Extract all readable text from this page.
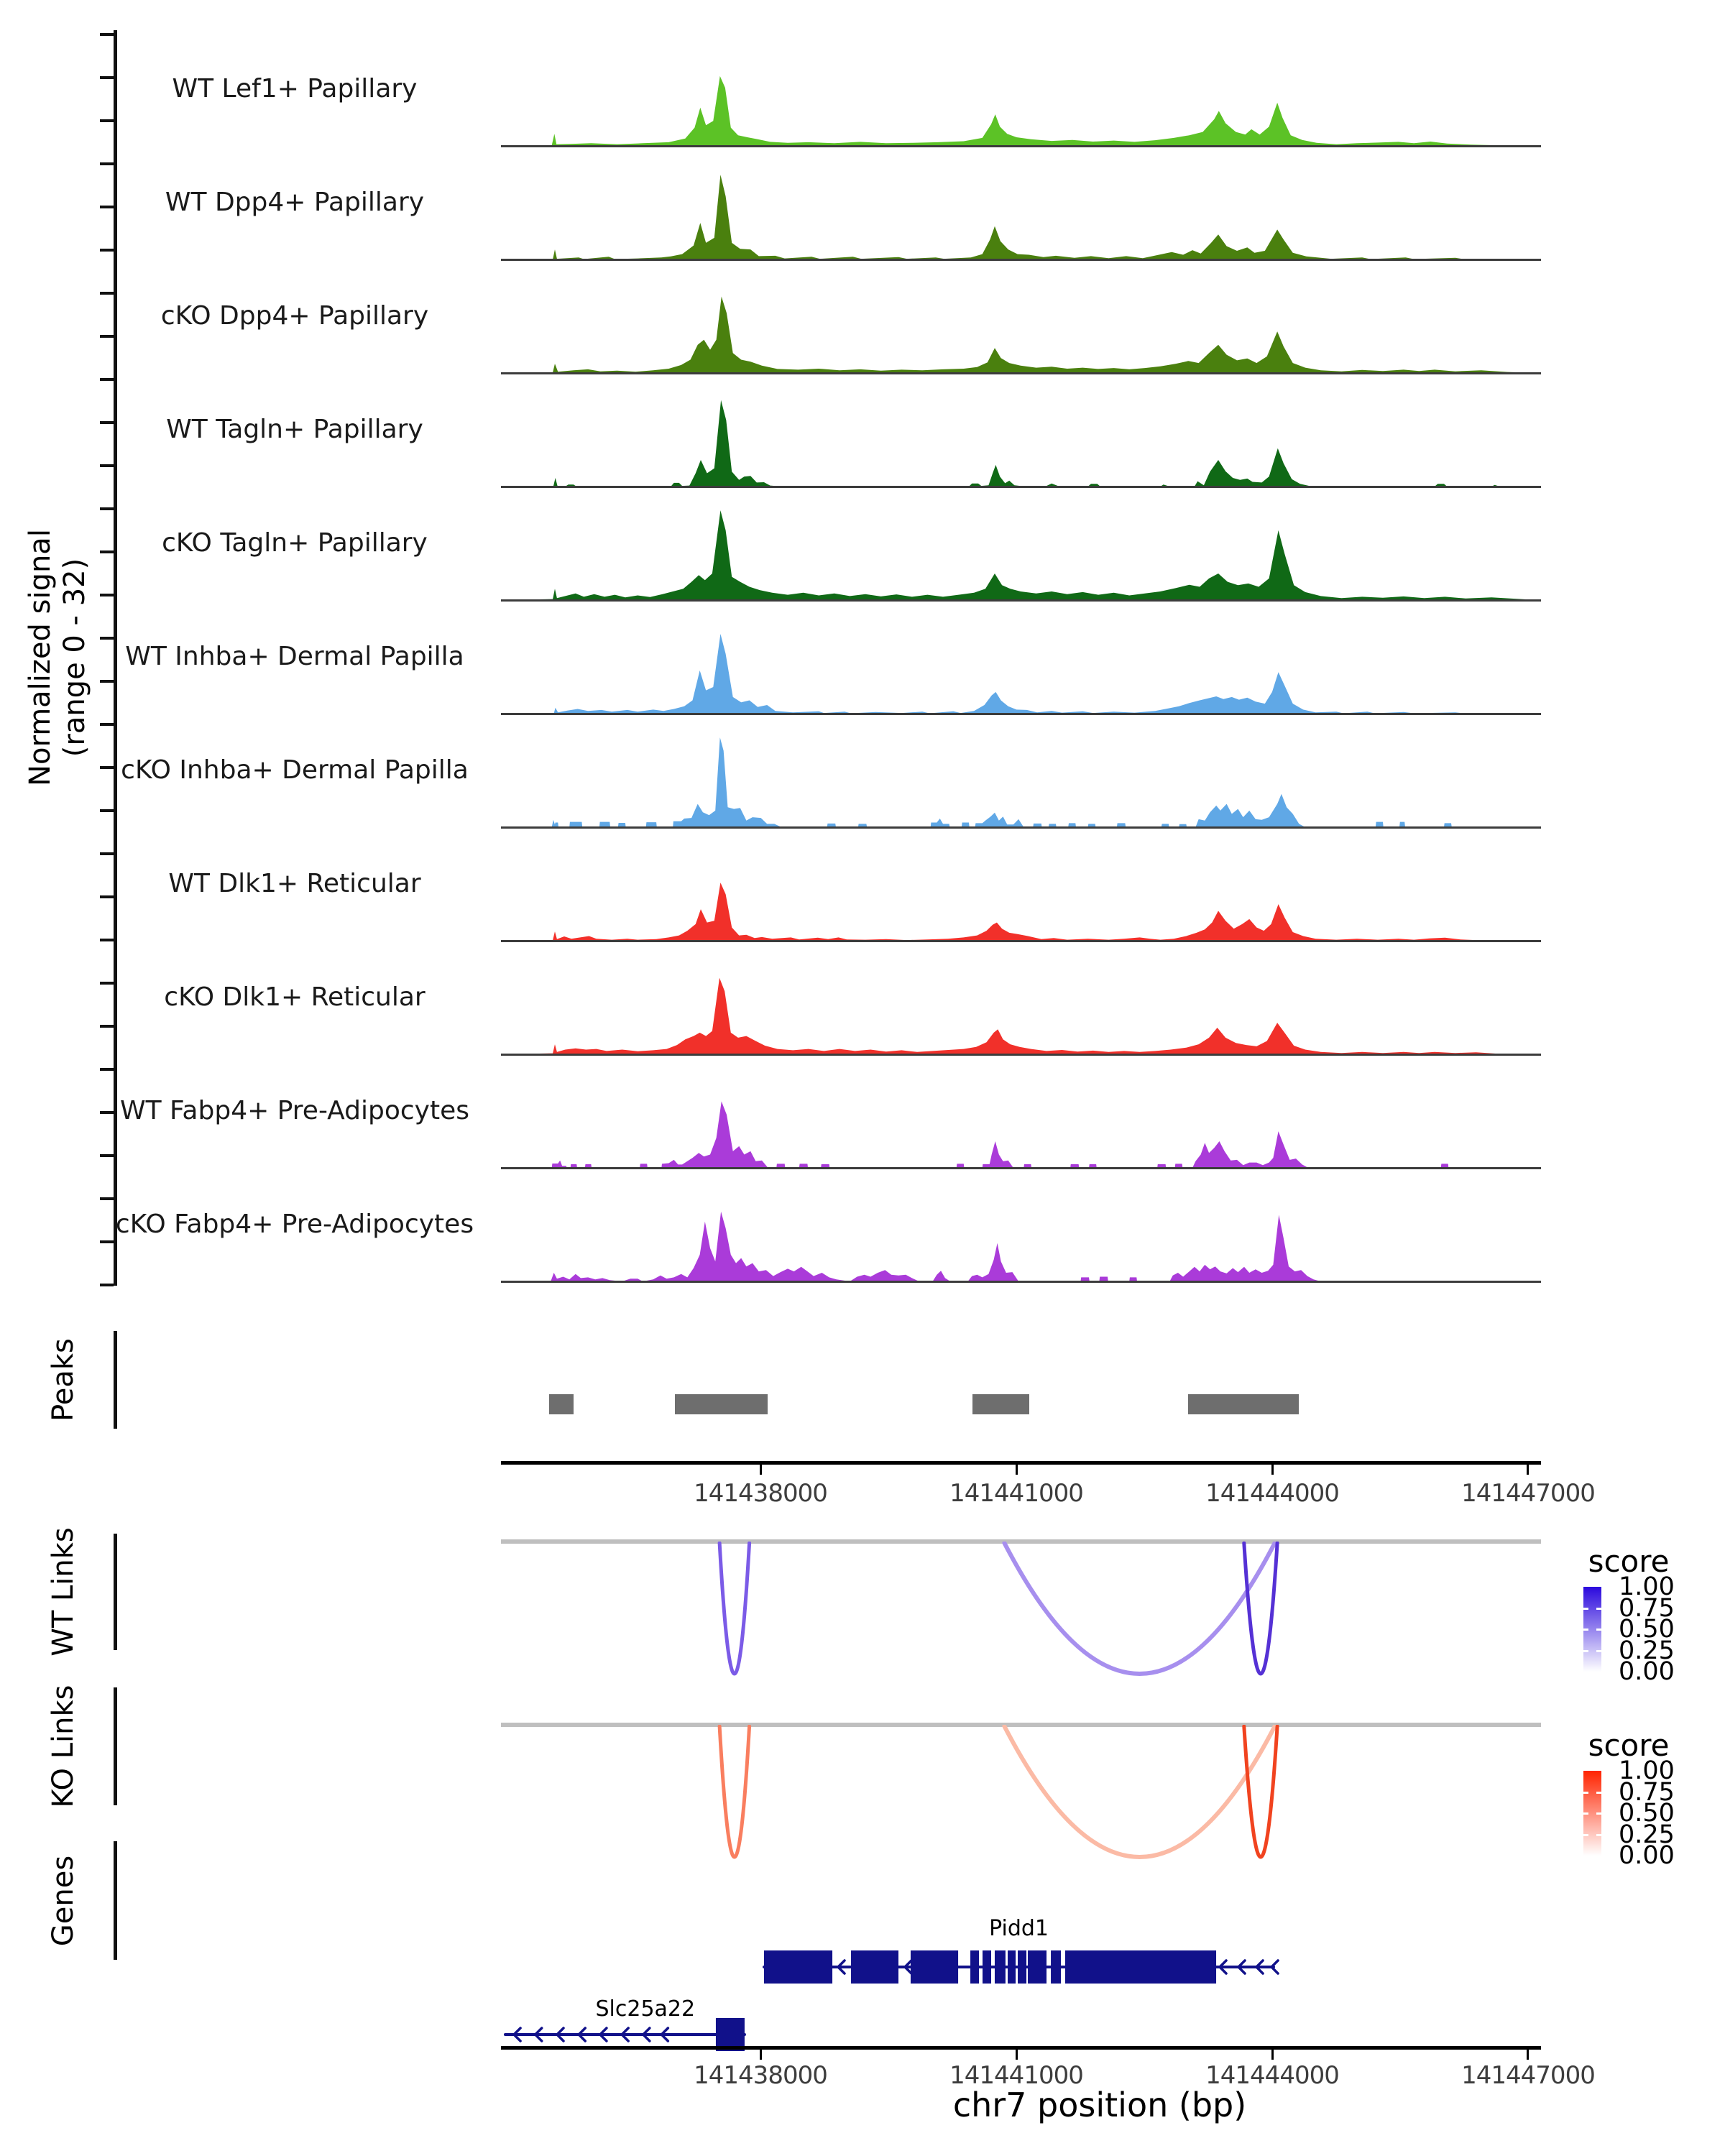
Normalized signal (range 0 - 32)
Peaks
WT Links
KO Links
Genes
WT Lef1+ Papillary
WT Dpp4+ Papillary
cKO Dpp4+ Papillary
WT Tagln+ Papillary
cKO Tagln+ Papillary
WT Inhba+ Dermal Papilla
cKO Inhba+ Dermal Papilla
WT Dlk1+ Reticular
cKO Dlk1+ Reticular
WT Fabp4+ Pre-Adipocytes
cKO Fabp4+ Pre-Adipocytes
141438000	141441000	141444000	141447000
Pidd1
Slc25a22
141438000	141441000	141444000	141447000
score
1.00
0.75
0.50
0.25
0.00
score
1.00
0.75
0.50
0.25
0.00
chr7 position (bp)
